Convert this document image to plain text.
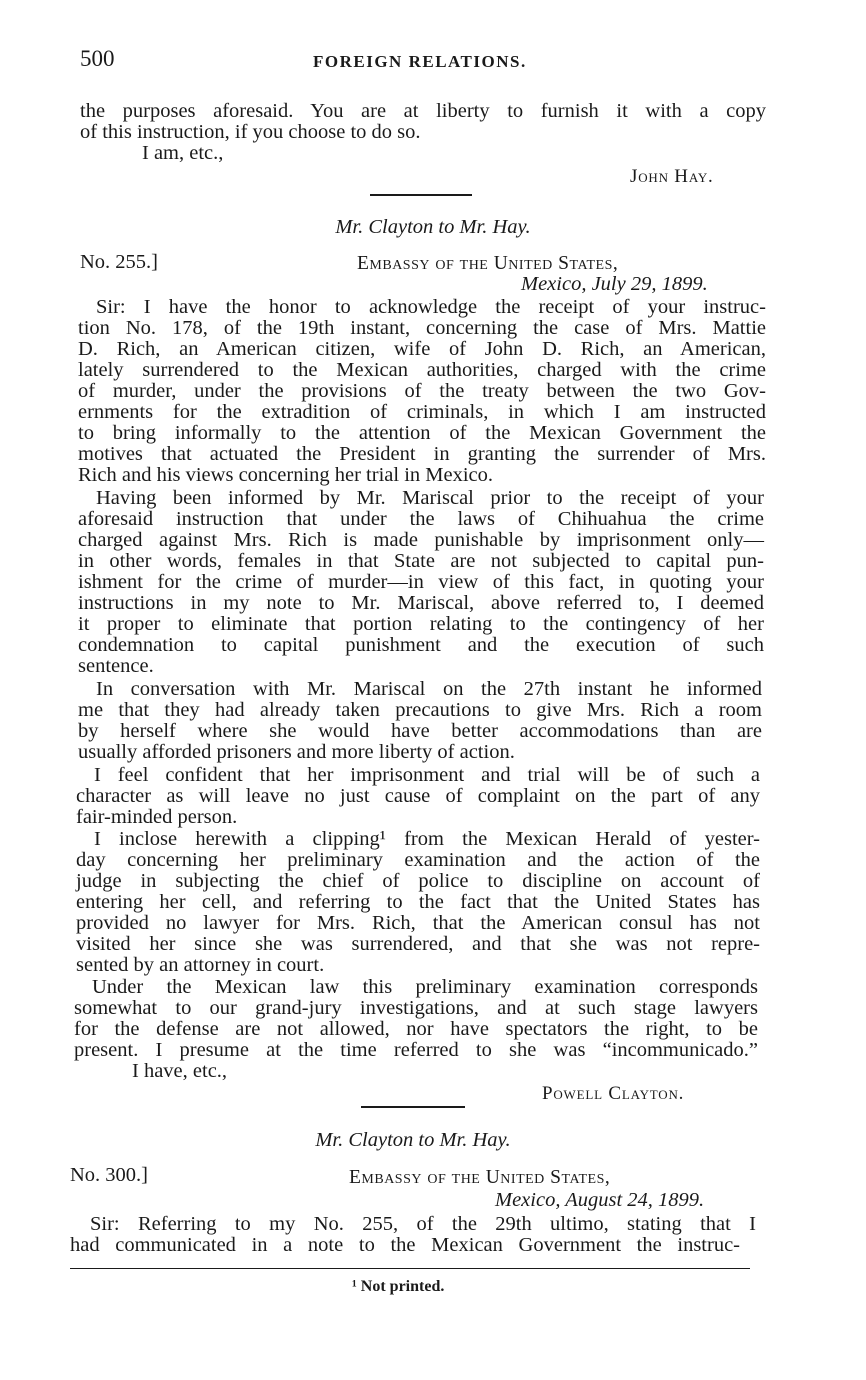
500	FOREIGN RELATIONS.
the purposes aforesaid. You are at liberty to furnish it with a copy
of this instruction, if you choose to do so.
I am, etc.,
John Hay.
Mr. Clayton to Mr. Hay.
No. 255.]	Embassy of the United States,
Mexico, July 29, 1899.
Sir: I have the honor to acknowledge the receipt of your instruc-
tion No. 178, of the 19th instant, concerning the case of Mrs. Mattie
D. Rich, an American citizen, wife of John D. Rich, an American,
lately surrendered to the Mexican authorities, charged with the crime
of murder, under the provisions of the treaty between the two Gov-
ernments for the extradition of criminals, in which I am instructed
to bring informally to the attention of the Mexican Government the
motives that actuated the President in granting the surrender of Mrs.
Rich and his views concerning her trial in Mexico.
Having been informed by Mr. Mariscal prior to the receipt of your
aforesaid instruction that under the laws of Chihuahua the crime
charged against Mrs. Rich is made punishable by imprisonment only—
in other words, females in that State are not subjected to capital pun-
ishment for the crime of murder—in view of this fact, in quoting your
instructions in my note to Mr. Mariscal, above referred to, I deemed
it proper to eliminate that portion relating to the contingency of her
condemnation to capital punishment and the execution of such
sentence.
In conversation with Mr. Mariscal on the 27th instant he informed
me that they had already taken precautions to give Mrs. Rich a room
by herself where she would have better accommodations than are
usually afforded prisoners and more liberty of action.
I feel confident that her imprisonment and trial will be of such a
character as will leave no just cause of complaint on the part of any
fair-minded person.
I inclose herewith a clipping¹ from the Mexican Herald of yester-
day concerning her preliminary examination and the action of the
judge in subjecting the chief of police to discipline on account of
entering her cell, and referring to the fact that the United States has
provided no lawyer for Mrs. Rich, that the American consul has not
visited her since she was surrendered, and that she was not repre-
sented by an attorney in court.
Under the Mexican law this preliminary examination corresponds
somewhat to our grand-jury investigations, and at such stage lawyers
for the defense are not allowed, nor have spectators the right, to be
present. I presume at the time referred to she was “incommunicado.”
I have, etc.,
Powell Clayton.
Mr. Clayton to Mr. Hay.
No. 300.]	Embassy of the United States,
Mexico, August 24, 1899.
Sir: Referring to my No. 255, of the 29th ultimo, stating that I
had communicated in a note to the Mexican Government the instruc-
¹ Not printed.
